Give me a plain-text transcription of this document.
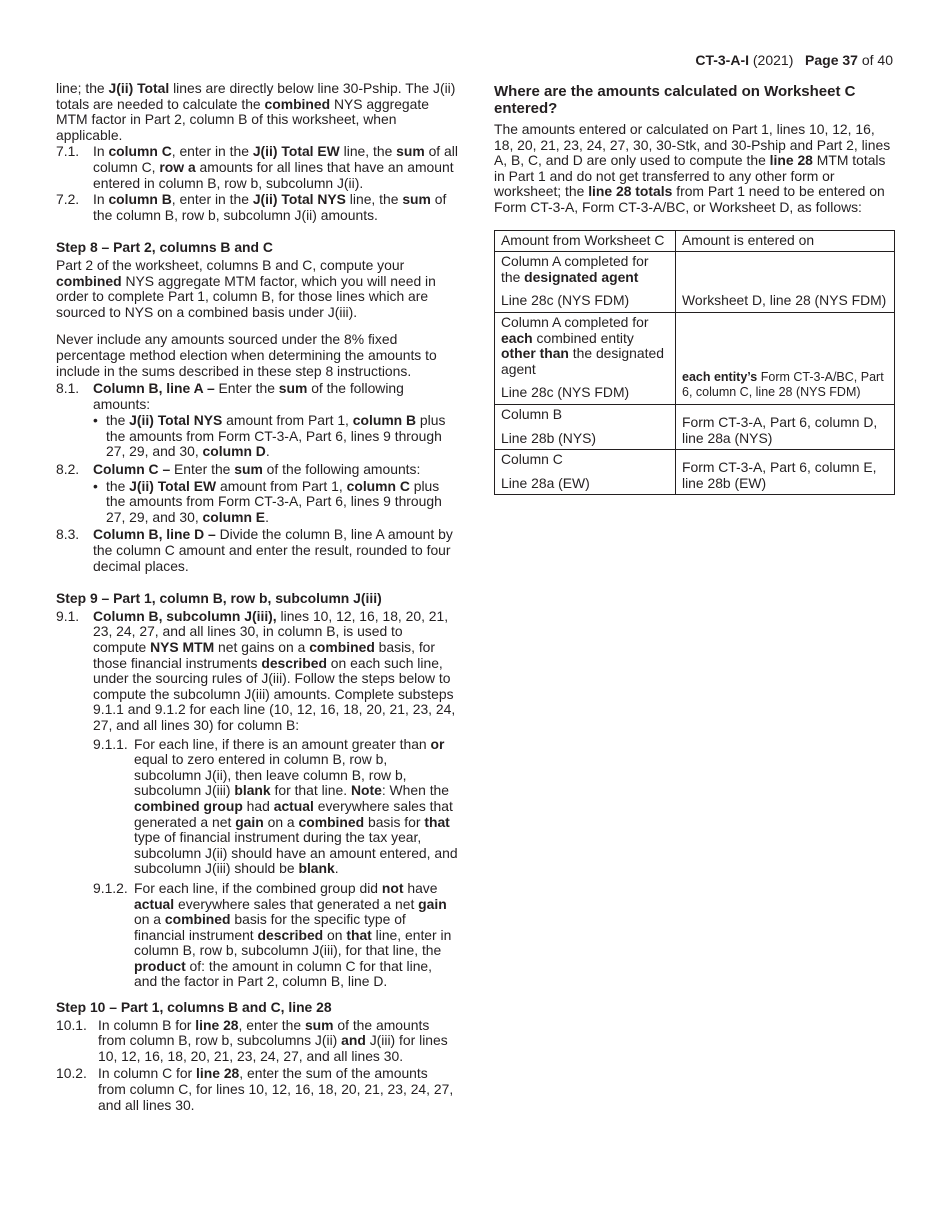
CT-3-A-I (2021) Page 37 of 40

line; the J(ii) Total lines are directly below line 30-Pship. The J(ii) totals are needed to calculate the combined NYS aggregate MTM factor in Part 2, column B of this worksheet, when applicable.

7.1. In column C, enter in the J(ii) Total EW line, the sum of all column C, row a amounts for all lines that have an amount entered in column B, row b, subcolumn J(ii).
7.2. In column B, enter in the J(ii) Total NYS line, the sum of the column B, row b, subcolumn J(ii) amounts.
Step 8 – Part 2, columns B and C

Part 2 of the worksheet, columns B and C, compute your combined NYS aggregate MTM factor, which you will need in order to complete Part 1, column B, for those lines which are sourced to NYS on a combined basis under J(iii).

Never include any amounts sourced under the 8% fixed percentage method election when determining the amounts to include in the sums described in these step 8 instructions.

8.1. Column B, line A – Enter the sum of the following amounts:
• the J(ii) Total NYS amount from Part 1, column B plus the amounts from Form CT-3-A, Part 6, lines 9 through 27, 29, and 30, column D.
8.2. Column C – Enter the sum of the following amounts:
• the J(ii) Total EW amount from Part 1, column C plus the amounts from Form CT-3-A, Part 6, lines 9 through 27, 29, and 30, column E.
8.3. Column B, line D – Divide the column B, line A amount by the column C amount and enter the result, rounded to four decimal places.
Step 9 – Part 1, column B, row b, subcolumn J(iii)
9.1. Column B, subcolumn J(iii), lines 10, 12, 16, 18, 20, 21, 23, 24, 27, and all lines 30, in column B, is used to compute NYS MTM net gains on a combined basis, for those financial instruments described on each such line, under the sourcing rules of J(iii). Follow the steps below to compute the subcolumn J(iii) amounts. Complete substeps 9.1.1 and 9.1.2 for each line (10, 12, 16, 18, 20, 21, 23, 24, 27, and all lines 30) for column B:
9.1.1. For each line, if there is an amount greater than or equal to zero entered in column B, row b, subcolumn J(ii), then leave column B, row b, subcolumn J(iii) blank for that line. Note: When the combined group had actual everywhere sales that generated a net gain on a combined basis for that type of financial instrument during the tax year, subcolumn J(ii) should have an amount entered, and subcolumn J(iii) should be blank.
9.1.2. For each line, if the combined group did not have actual everywhere sales that generated a net gain on a combined basis for the specific type of financial instrument described on that line, enter in column B, row b, subcolumn J(iii), for that line, the product of: the amount in column C for that line, and the factor in Part 2, column B, line D.
Step 10 – Part 1, columns B and C, line 28
10.1. In column B for line 28, enter the sum of the amounts from column B, row b, subcolumns J(ii) and J(iii) for lines 10, 12, 16, 18, 20, 21, 23, 24, 27, and all lines 30.
10.2. In column C for line 28, enter the sum of the amounts from column C, for lines 10, 12, 16, 18, 20, 21, 23, 24, 27, and all lines 30.
Where are the amounts calculated on Worksheet C entered?

The amounts entered or calculated on Part 1, lines 10, 12, 16, 18, 20, 21, 23, 24, 27, 30, 30-Stk, and 30-Pship and Part 2, lines A, B, C, and D are only used to compute the line 28 MTM totals in Part 1 and do not get transferred to any other form or worksheet; the line 28 totals from Part 1 need to be entered on Form CT-3-A, Form CT-3-A/BC, or Worksheet D, as follows:

Amount from Worksheet C	Amount is entered on
Column A completed for the designated agent
Line 28c (NYS FDM)	Worksheet D, line 28 (NYS FDM)
Column A completed for each combined entity other than the designated agent
Line 28c (NYS FDM)	each entity’s Form CT-3-A/BC, Part 6, column C, line 28 (NYS FDM)
Column B
Line 28b (NYS)	Form CT-3-A, Part 6, column D, line 28a (NYS)
Column C
Line 28a (EW)	Form CT-3-A, Part 6, column E, line 28b (EW)
